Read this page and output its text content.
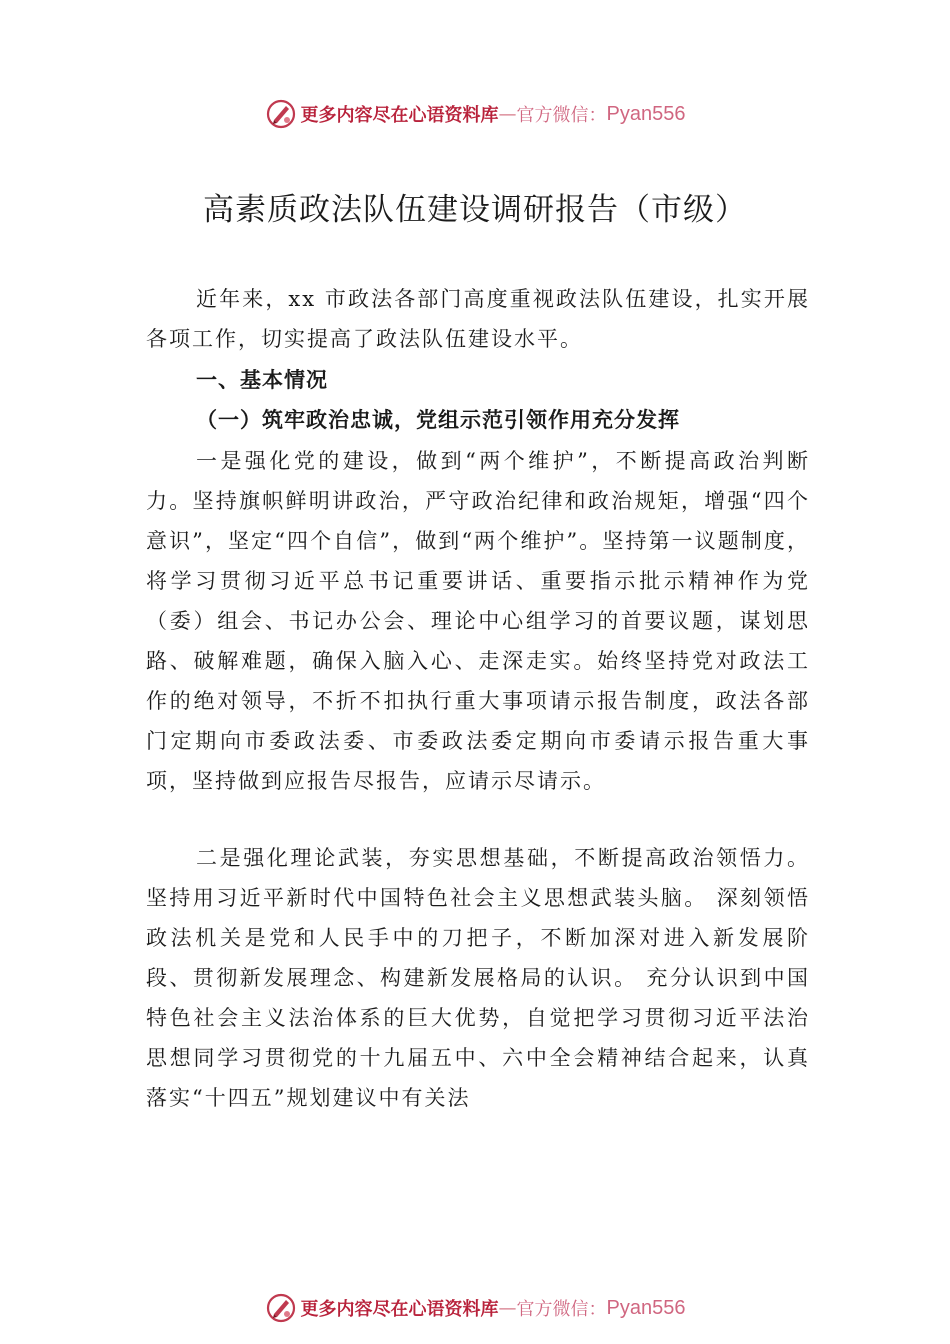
更多内容尽在心语资料库 — 官方微信： Pyan556
高素质政法队伍建设调研报告（市级）

近年来，xx 市政法各部门高度重视政法队伍建设，扎实开展各项工作，切实提高了政法队伍建设水平。

一、基本情况
（一）筑牢政治忠诚，党组示范引领作用充分发挥

一是强化党的建设，做到“两个维护”，不断提高政治判断力。坚持旗帜鲜明讲政治，严守政治纪律和政治规矩，增强“四个意识”，坚定“四个自信”，做到“两个维护”。坚持第一议题制度，将学习贯彻习近平总书记重要讲话、重要指示批示精神作为党（委）组会、书记办公会、理论中心组学习的首要议题，谋划思路、破解难题，确保入脑入心、走深走实。始终坚持党对政法工作的绝对领导，不折不扣执行重大事项请示报告制度，政法各部门定期向市委政法委、市委政法委定期向市委请示报告重大事项，坚持做到应报告尽报告，应请示尽请示。

二是强化理论武装，夯实思想基础，不断提高政治领悟力。坚持用习近平新时代中国特色社会主义思想武装头脑。 深刻领悟政法机关是党和人民手中的刀把子，不断加深对进入新发展阶段、贯彻新发展理念、构建新发展格局的认识。 充分认识到中国特色社会主义法治体系的巨大优势，自觉把学习贯彻习近平法治思想同学习贯彻党的十九届五中、六中全会精神结合起来，认真落实“十四五”规划建议中有关法

更多内容尽在心语资料库 — 官方微信： Pyan556
